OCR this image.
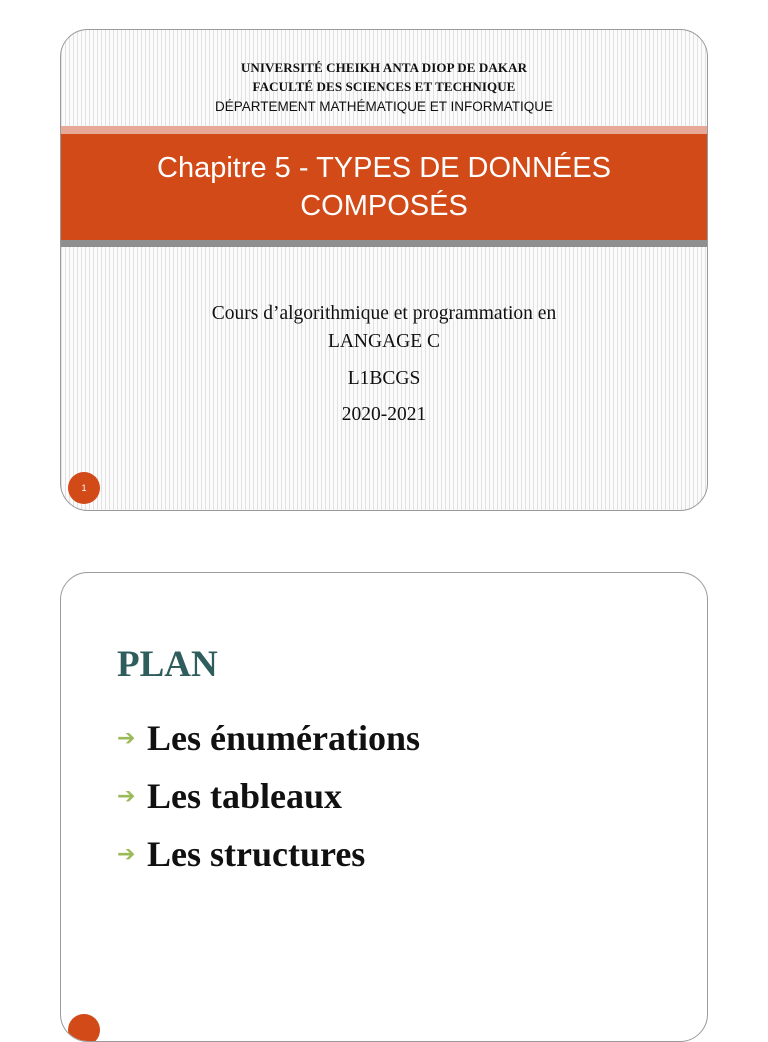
UNIVERSITÉ CHEIKH ANTA DIOP DE DAKAR
FACULTÉ DES SCIENCES ET TECHNIQUE
DÉPARTEMENT MATHÉMATIQUE ET INFORMATIQUE
Chapitre 5 - TYPES DE DONNÉES
COMPOSÉS
Cours d’algorithmique et programmation en
LANGAGE C
L1BCGS
2020-2021
1
PLAN
➔ Les énumérations
➔ Les tableaux
➔ Les structures
